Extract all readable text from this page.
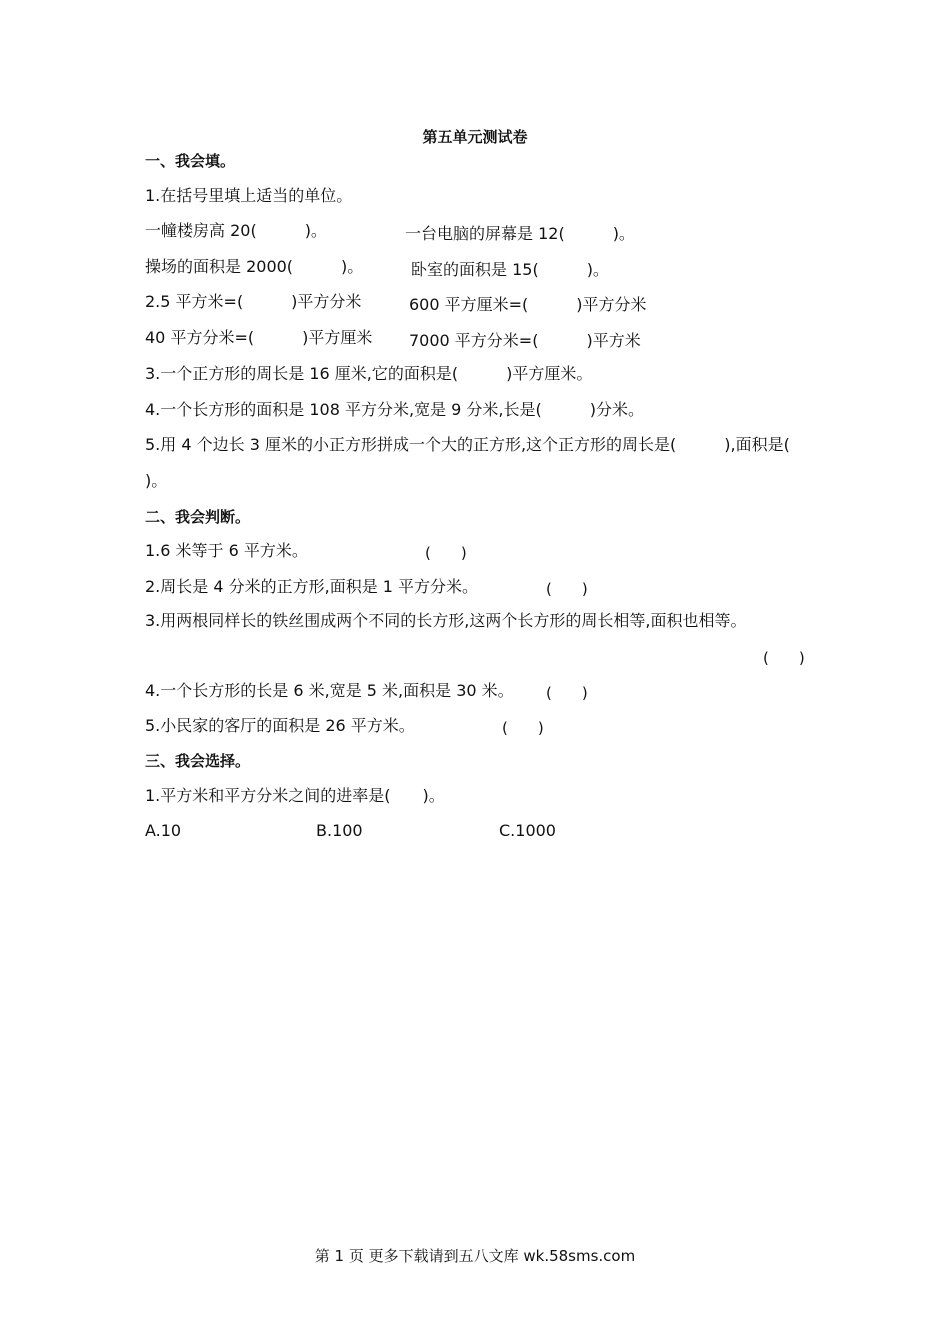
第五单元测试卷
一、我会填。
1.在括号里填上适当的单位。
一幢楼房高 20(　　　)。	一台电脑的屏幕是 12(　　　)。
操场的面积是 2000(　　　)。	卧室的面积是 15(　　　)。
2.5 平方米=(　　　)平方分米	600 平方厘米=(　　　)平方分米
40 平方分米=(　　　)平方厘米 7000 平方分米=(　　　)平方米
3.一个正方形的周长是 16 厘米,它的面积是(　　　)平方厘米。
4.一个长方形的面积是 108 平方分米,宽是 9 分米,长是(　　　)分米。
5.用 4 个边长 3 厘米的小正方形拼成一个大的正方形,这个正方形的周长是(　　　),面积是(
)。
二、我会判断。
1.6 米等于 6 平方米。	(　　)
2.周长是 4 分米的正方形,面积是 1 平方分米。	(　　)
3.用两根同样长的铁丝围成两个不同的长方形,这两个长方形的周长相等,面积也相等。
(　　)
4.一个长方形的长是 6 米,宽是 5 米,面积是 30 米。 (　　)
5.小民家的客厅的面积是 26 平方米。	(　　)
三、我会选择。
1.平方米和平方分米之间的进率是(　　)。
A.10	B.100	C.1000
第 1 页 更多下载请到五八文库 wk.58sms.com
